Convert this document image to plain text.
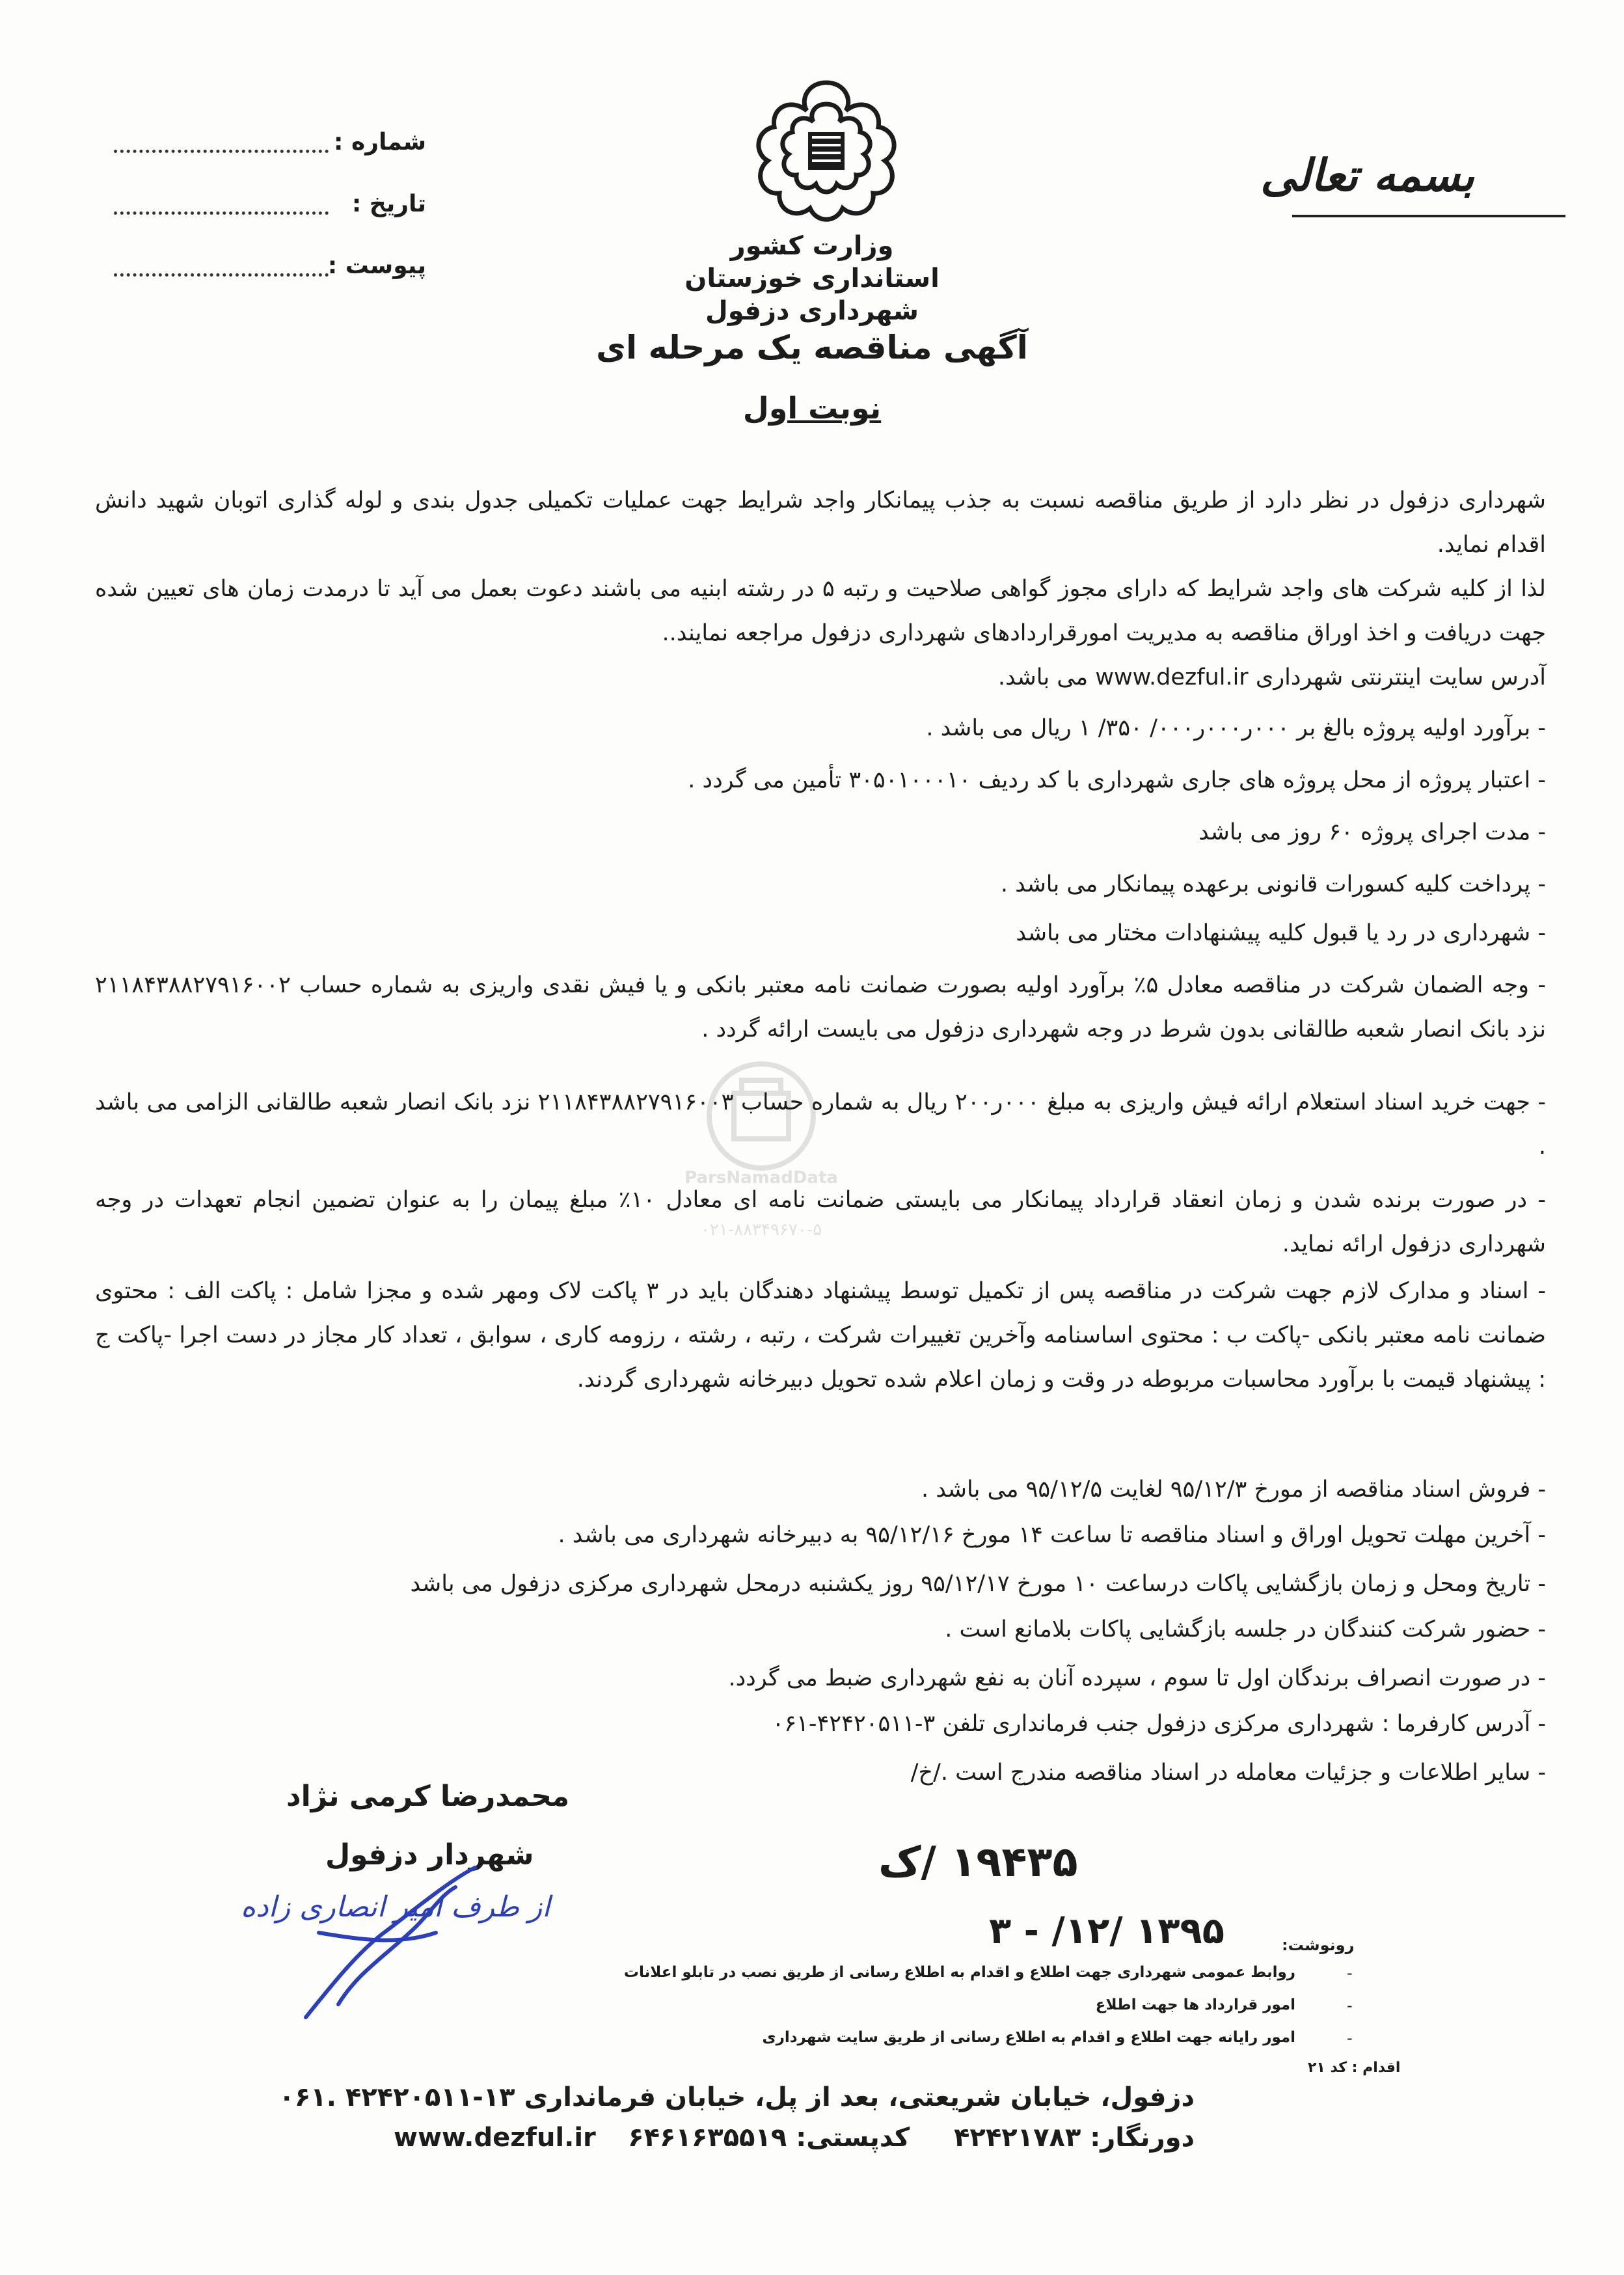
شماره :
تاریخ :
پیوست :
بسمه تعالی
وزارت کشور
استانداری خوزستان
شهرداری دزفول
آگهی مناقصه یک مرحله ای
نوبت اول
ParsNamadData
۰۲۱-۸۸۳۴۹۶۷۰-۵
شهرداری دزفول در نظر دارد از طریق مناقصه نسبت به جذب پیمانکار واجد شرایط جهت عملیات تکمیلی جدول بندی و لوله گذاری اتوبان شهید دانش اقدام نماید.
لذا از کلیه شرکت های واجد شرایط که دارای مجوز گواهی صلاحیت و رتبه ۵ در رشته ابنیه می باشند دعوت بعمل می آید تا درمدت زمان های تعیین شده جهت دریافت و اخذ اوراق مناقصه به مدیریت امورقراردادهای شهرداری دزفول مراجعه نمایند..
آدرس سایت اینترنتی شهرداری www.dezful.ir می باشد.
- برآورد اولیه پروژه بالغ بر ۰۰۰ر۰۰۰ر۰۰۰/ ۳۵۰/ ۱ ریال می باشد .
- اعتبار پروژه از محل پروژه های جاری شهرداری با کد ردیف ۳۰۵۰۱۰۰۰۱۰ تأمین می گردد .
- مدت اجرای پروژه ۶۰ روز می باشد
- پرداخت کلیه کسورات قانونی برعهده پیمانکار می باشد .
- شهرداری در رد یا قبول کلیه پیشنهادات مختار می باشد
- وجه الضمان شرکت در مناقصه معادل ۵٪ برآورد اولیه بصورت ضمانت نامه معتبر بانکی و یا فیش نقدی واریزی به شماره حساب ۲۱۱۸۴۳۸۸۲۷۹۱۶۰۰۲ نزد بانک انصار شعبه طالقانی بدون شرط در وجه شهرداری دزفول می بایست ارائه گردد .
- جهت خرید اسناد استعلام ارائه فیش واریزی به مبلغ ۰۰۰ر۲۰۰ ریال به شماره حساب ۲۱۱۸۴۳۸۸۲۷۹۱۶۰۰۳ نزد بانک انصار شعبه طالقانی الزامی می باشد .
- در صورت برنده شدن و زمان انعقاد قرارداد پیمانکار می بایستی ضمانت نامه ای معادل ۱۰٪ مبلغ پیمان را به عنوان تضمین انجام تعهدات در وجه شهرداری دزفول ارائه نماید.
- اسناد و مدارک لازم جهت شرکت در مناقصه پس از تکمیل توسط پیشنهاد دهندگان باید در ۳ پاکت لاک ومهر شده و مجزا شامل : پاکت الف : محتوی ضمانت نامه معتبر بانکی -پاکت ب : محتوی اساسنامه وآخرین تغییرات شرکت ، رتبه ، رشته ، رزومه کاری ، سوابق ، تعداد کار مجاز در دست اجرا -پاکت ج : پیشنهاد قیمت با برآورد محاسبات مربوطه در وقت و زمان اعلام شده تحویل دبیرخانه شهرداری گردند.
- فروش اسناد مناقصه از مورخ ۹۵/۱۲/۳ لغایت ۹۵/۱۲/۵ می باشد .
- آخرین مهلت تحویل اوراق و اسناد مناقصه تا ساعت ۱۴ مورخ ۹۵/۱۲/۱۶ به دبیرخانه شهرداری می باشد .
- تاریخ ومحل و زمان بازگشایی پاکات درساعت ۱۰ مورخ ۹۵/۱۲/۱۷ روز یکشنبه درمحل شهرداری مرکزی دزفول می باشد
- حضور شرکت کنندگان در جلسه بازگشایی پاکات بلامانع است .
- در صورت انصراف برندگان اول تا سوم ، سپرده آنان به نفع شهرداری ضبط می گردد.
- آدرس کارفرما : شهرداری مرکزی دزفول جنب فرمانداری تلفن ۳-۴۲۴۲۰۵۱۱-۰۶۱
- سایر اطلاعات و جزئیات معامله در اسناد مناقصه مندرج است ./خ/
محمدرضا کرمی نژاد
شهردار دزفول
از طرف امیر انصاری زاده
۱۹۴۳۵ /ک
۱۳۹۵ /۱۲/ - ۳	رونوشت:
روابط عمومی شهرداری جهت اطلاع و اقدام به اطلاع رسانی از طریق نصب در تابلو اعلانات	-
امور قرارداد ها جهت اطلاع	-
امور رایانه جهت اطلاع و اقدام به اطلاع رسانی از طریق سایت شهرداری	-
اقدام : کد ۲۱
دزفول، خیابان شریعتی، بعد از پل، خیابان فرمانداری ۱۳-۴۲۴۲۰۵۱۱ .۰۶۱
دورنگار: ۴۲۴۲۱۷۸۳  کدپستی: ۶۴۶۱۶۳۵۵۱۹
www.dezful.ir
